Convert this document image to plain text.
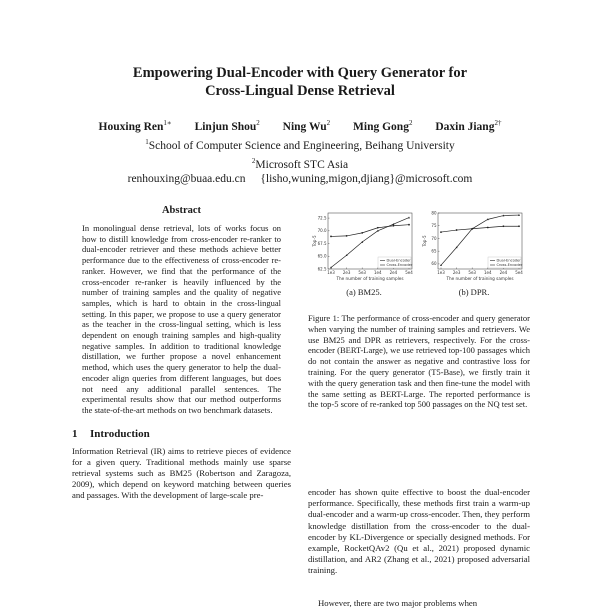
Empowering Dual-Encoder with Query Generator for
Cross-Lingual Dense Retrieval
Houxing Ren$^{1∗}$ Linjun Shou$^2$ Ning Wu$^2$ Ming Gong$^2$ Daxin Jiang$^{2\dagger}$
$^1$School of Computer Science and Engineering, Beihang University
$^2$Microsoft STC Asia
renhouxing@buaa.edu.cn {lisho,wuning,migon,djiang}@microsoft.com
Abstract

In monolingual dense retrieval, lots of works focus on how to distill knowledge from cross-encoder re-ranker to dual-encoder retriever and these methods achieve better performance due to the effectiveness of cross-encoder re-ranker. However, we find that the performance of the cross-encoder re-ranker is heavily influenced by the number of training samples and the quality of negative samples, which is hard to obtain in the cross-lingual setting. In this paper, we propose to use a query generator as the teacher in the cross-lingual setting, which is less dependent on enough training samples and high-quality negative samples. In addition to traditional knowledge distillation, we further propose a novel enhancement method, which uses the query generator to help the dual-encoder align queries from different languages, but does not need any additional parallel sentences. The experimental results show that our method outperforms the state-of-the-art methods on two benchmark datasets.

1 Introduction

Information Retrieval (IR) aims to retrieve pieces of evidence for a given query. Traditional methods mainly use sparse retrieval systems such as BM25 (Robertson and Zaragoza, 2009), which depend on keyword matching between queries and passages. With the development of large-scale pre-

62.5
65.0
67.5
70.0
72.5
1e3 2e3 5e3 1e4 2e4 5e4
The number of training samples
Top-5
Dual-Encoder
Cross-Encoder	60
65
70
75
80
1e3 2e3 5e3 1e4 2e4 5e4
The number of training samples
Top-5
Dual-Encoder
Cross-Encoder
(a) BM25.	(b) DPR.

Figure 1: The performance of cross-encoder and query generator when varying the number of training samples and retrievers. We use BM25 and DPR as retrievers, respectively. For the cross-encoder (BERT-Large), we use retrieved top-100 passages which do not contain the answer as negative and contrastive loss for training. For the query generator (T5-Base), we firstly train it with the query generation task and then fine-tune the model with the same setting as BERT-Large. The reported performance is the top-5 score of re-ranked top 500 passages on the NQ test set.

encoder has shown quite effective to boost the dual-encoder performance. Specifically, these methods first train a warm-up dual-encoder and a warm-up cross-encoder. Then, they perform knowledge distillation from the cross-encoder to the dual-encoder by KL-Divergence or specially designed methods. For example, RocketQAv2 (Qu et al., 2021) proposed dynamic distillation, and AR2 (Zhang et al., 2021) proposed adversarial training.

However, there are two major problems when
